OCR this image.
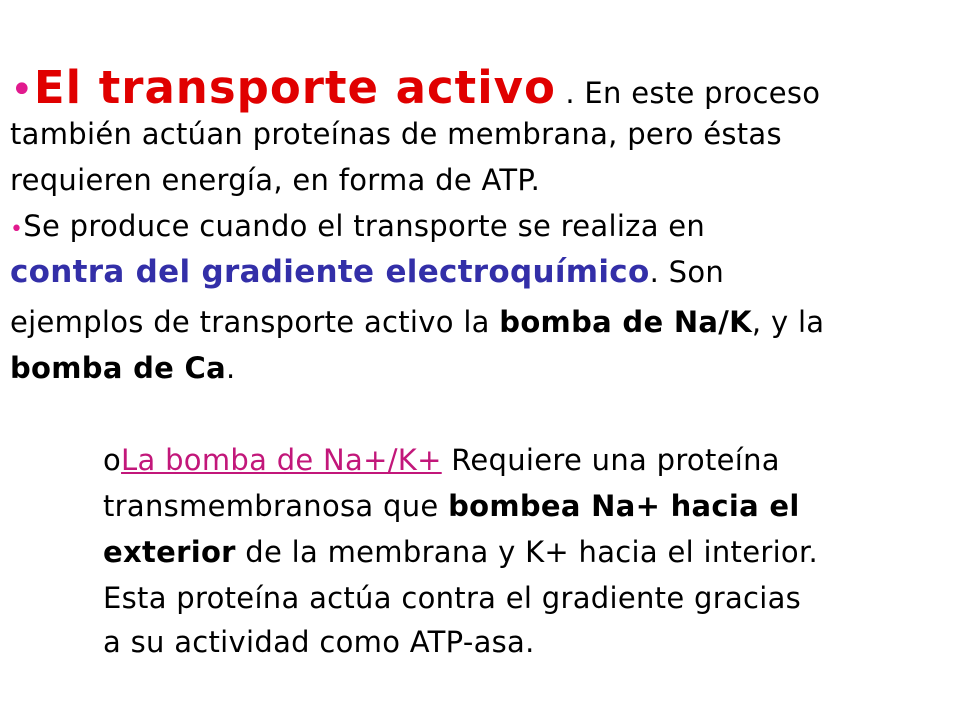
•El transporte activo . En este proceso
también actúan proteínas de membrana, pero éstas
requieren energía, en forma de ATP.
•Se produce cuando el transporte se realiza en
contra del gradiente electroquímico. Son
ejemplos de transporte activo la bomba de Na/K, y la
bomba de Ca.
oLa bomba de Na+/K+ Requiere una proteína
transmembranosa que bombea Na+ hacia el
exterior de la membrana y K+ hacia el interior.
Esta proteína actúa contra el gradiente gracias
a su actividad como ATP-asa.
